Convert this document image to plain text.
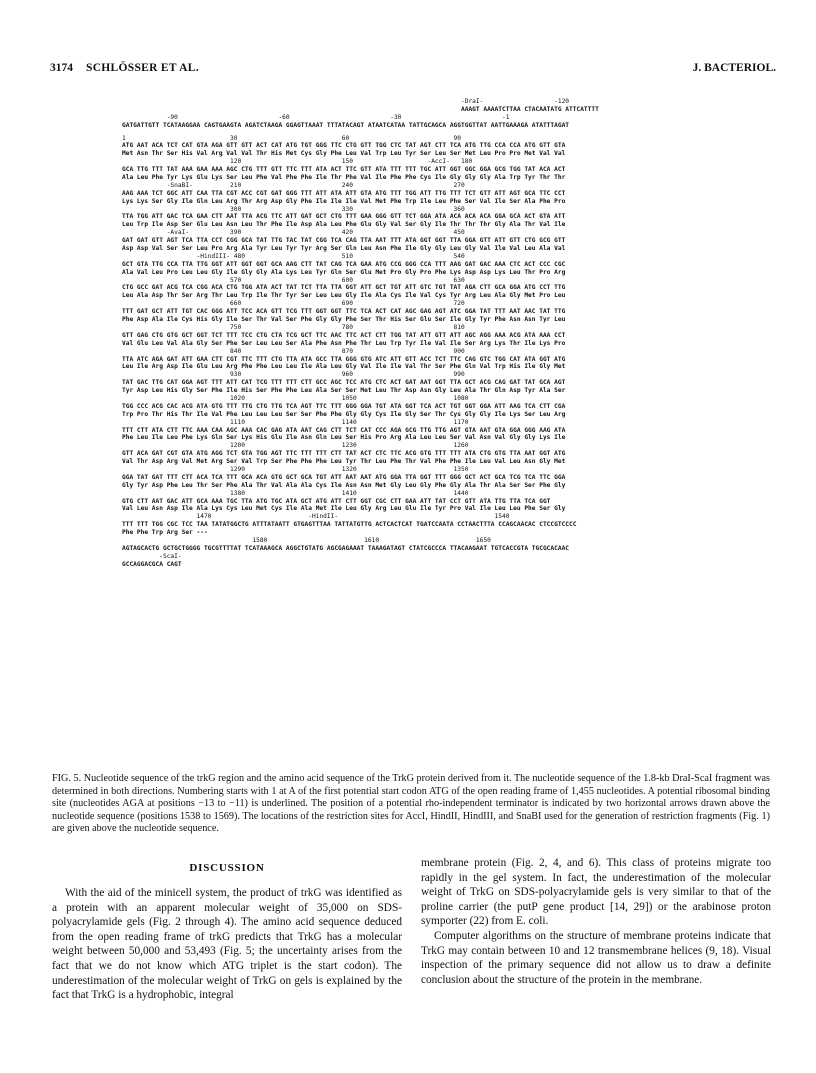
3174 SCHLÖSSER ET AL.	J. BACTERIOL.
-DraI-                   -120
AAAGT AAAATCTTAA CTACAATATG ATTCATTTT
-90                           -60                           -30                           -1
GATGATTGTT TCATAAGGAA CAGTGAAGTA AGATCTAAGA GGAGTTAAAT TTTATACAGT ATAATCATAA TATTGCAGCA AGGTGGTTAT AATTGAAAGA ATATTTAGAT
1                            30                            60                            90
ATG AAT ACA TCT CAT GTA AGA GTT GTT ACT CAT ATG TGT GGG TTC CTG GTT TGG CTC TAT AGT CTT TCA ATG TTG CCA CCA ATG GTT GTA
Met Asn Thr Ser His Val Arg Val Val Thr His Met Cys Gly Phe Leu Val Trp Leu Tyr Ser Leu Ser Met Leu Pro Pro Met Val Val
120                           150                    -AccI-   180
GCA TTG TTT TAT AAA GAA AAA AGC CTG TTT GTT TTC TTT ATA ACT TTC GTT ATA TTT TTT TGC ATT GGT GGC GGA GCG TGG TAT ACA ACT
Ala Leu Phe Tyr Lys Glu Lys Ser Leu Phe Val Phe Phe Ile Thr Phe Val Ile Phe Phe Cys Ile Gly Gly Gly Ala Trp Tyr Thr Thr
-SnaBI-          210                           240                           270
AAG AAA TCT GGC ATT CAA TTA CGT ACC CGT GAT GGG TTT ATT ATA ATT GTA ATG TTT TGG ATT TTG TTT TCT GTT ATT AGT GCA TTC CCT
Lys Lys Ser Gly Ile Gln Leu Arg Thr Arg Asp Gly Phe Ile Ile Ile Val Met Phe Trp Ile Leu Phe Ser Val Ile Ser Ala Phe Pro
300                           330                           360
TTA TGG ATT GAC TCA GAA CTT AAT TTA ACG TTC ATT GAT GCT CTG TTT GAA GGG GTT TCT GGA ATA ACA ACA ACA GGA GCA ACT GTA ATT
Leu Trp Ile Asp Ser Glu Leu Asn Leu Thr Phe Ile Asp Ala Leu Phe Glu Gly Val Ser Gly Ile Thr Thr Thr Gly Ala Thr Val Ile
-AvaI-           390                           420                           450
GAT GAT GTT AGT TCA TTA CCT CGG GCA TAT TTG TAC TAT CGG TCA CAG TTA AAT TTT ATA GGT GGT TTA GGA GTT ATT GTT CTG GCG GTT
Asp Asp Val Ser Ser Leu Pro Arg Ala Tyr Leu Tyr Tyr Arg Ser Gln Leu Asn Phe Ile Gly Gly Leu Gly Val Ile Val Leu Ala Val
-HindIII- 480                          510                           540
GCT GTA TTG CCA TTA TTG GGT ATT GGT GGT GCA AAG CTT TAT CAG TCA GAA ATG CCG GGG CCA TTT AAG GAT GAC AAA CTC ACT CCC CGC
Ala Val Leu Pro Leu Leu Gly Ile Gly Gly Ala Lys Leu Tyr Gln Ser Glu Met Pro Gly Pro Phe Lys Asp Asp Lys Leu Thr Pro Arg
570                           600                           630
CTG GCC GAT ACG TCA CGG ACA CTG TGG ATA ACT TAT TCT TTA TTA GGT ATT GCT TGT ATT GTC TGT TAT AGA CTT GCA GGA ATG CCT TTG
Leu Ala Asp Thr Ser Arg Thr Leu Trp Ile Thr Tyr Ser Leu Leu Gly Ile Ala Cys Ile Val Cys Tyr Arg Leu Ala Gly Met Pro Leu
660                           690                           720
TTT GAT GCT ATT TGT CAC GGG ATT TCC ACA GTT TCG TTT GGT GGT TTC TCA ACT CAT AGC GAG AGT ATC GGA TAT TTT AAT AAC TAT TTG
Phe Asp Ala Ile Cys His Gly Ile Ser Thr Val Ser Phe Gly Gly Phe Ser Thr His Ser Glu Ser Ile Gly Tyr Phe Asn Asn Tyr Leu
750                           780                           810
GTT GAG CTG GTG GCT GGT TCT TTT TCC CTG CTA TCG GCT TTC AAC TTC ACT CTT TGG TAT ATT GTT ATT AGC AGG AAA ACG ATA AAA CCT
Val Glu Leu Val Ala Gly Ser Phe Ser Leu Leu Ser Ala Phe Asn Phe Thr Leu Trp Tyr Ile Val Ile Ser Arg Lys Thr Ile Lys Pro
840                           870                           900
TTA ATC AGA GAT ATT GAA CTT CGT TTC TTT CTG TTA ATA GCC TTA GGG GTG ATC ATT GTT ACC TCT TTC CAG GTC TGG CAT ATA GGT ATG
Leu Ile Arg Asp Ile Glu Leu Arg Phe Phe Leu Leu Ile Ala Leu Gly Val Ile Ile Val Thr Ser Phe Gln Val Trp His Ile Gly Met
930                           960                           990
TAT GAC TTG CAT GGA AGT TTT ATT CAT TCG TTT TTT CTT GCC AGC TCC ATG CTC ACT GAT AAT GGT TTA GCT ACG CAG GAT TAT GCA AGT
Tyr Asp Leu His Gly Ser Phe Ile His Ser Phe Phe Leu Ala Ser Ser Met Leu Thr Asp Asn Gly Leu Ala Thr Gln Asp Tyr Ala Ser
1020                          1050                          1080
TGG CCC ACG CAC ACG ATA GTG TTT TTG CTG TTG TCA AGT TTC TTT GGG GGA TGT ATA GGT TCA ACT TGT GGT GGA ATT AAG TCA CTT CGA
Trp Pro Thr His Thr Ile Val Phe Leu Leu Leu Ser Ser Phe Phe Gly Gly Cys Ile Gly Ser Thr Cys Gly Gly Ile Lys Ser Leu Arg
1110                          1140                          1170
TTT CTT ATA CTT TTC AAA CAA AGC AAA CAC GAG ATA AAT CAG CTT TCT CAT CCC AGA GCG TTG TTG AGT GTA AAT GTA GGA GGG AAG ATA
Phe Leu Ile Leu Phe Lys Gln Ser Lys His Glu Ile Asn Gln Leu Ser His Pro Arg Ala Leu Leu Ser Val Asn Val Gly Gly Lys Ile
1200                          1230                          1260
GTT ACA GAT CGT GTA ATG AGG TCT GTA TGG AGT TTC TTT TTT CTT TAT ACT CTC TTC ACG GTG TTT TTT ATA CTG GTG TTA AAT GGT ATG
Val Thr Asp Arg Val Met Arg Ser Val Trp Ser Phe Phe Phe Leu Tyr Thr Leu Phe Thr Val Phe Phe Ile Leu Val Leu Asn Gly Met
1290                          1320                          1350
GGA TAT GAT TTT CTT ACA TCA TTT GCA ACA GTG GCT GCA TGT ATT AAT AAT ATG GGA TTA GGT TTT GGG GCT ACT GCA TCG TCA TTC GGA
Gly Tyr Asp Phe Leu Thr Ser Phe Ala Thr Val Ala Ala Cys Ile Asn Asn Met Gly Leu Gly Phe Gly Ala Thr Ala Ser Ser Phe Gly
1380                          1410                          1440
GTG CTT AAT GAC ATT GCA AAA TGC TTA ATG TGC ATA GCT ATG ATT CTT GGT CGC CTT GAA ATT TAT CCT GTT ATA TTG TTA TCA GGT
Val Leu Asn Asp Ile Ala Lys Cys Leu Met Cys Ile Ala Met Ile Leu Gly Arg Leu Glu Ile Tyr Pro Val Ile Leu Leu Phe Ser Gly
1470                          -HindII-                                          1540
TTT TTT TGG CGC TCC TAA TATATGGCTG ATTTATAATT GTGAGTTTAA TATTATGTTG ACTCACTCAT TGATCCAATA CCTAACTTTA CCAGCAACAC CTCCGTCCCC
Phe Phe Trp Arg Ser ---
1580                          1610                          1650
AGTAGCACTG GCTGCTGGGG TGCGTTTTAT TCATAAAGCA AGGCTGTATG AGCGAGAAAT TAAAGATAGT CTATCGCCCA TTACAAGAAT TGTCACCGTA TGCGCACAAC
-ScaI-
GCCAGGACGCA CAGT
FIG. 5. Nucleotide sequence of the trkG region and the amino acid sequence of the TrkG protein derived from it. The nucleotide sequence of the 1.8-kb DraI-ScaI fragment was determined in both directions. Numbering starts with 1 at A of the first potential start codon ATG of the open reading frame of 1,455 nucleotides. A potential ribosomal binding site (nucleotides AGA at positions −13 to −11) is underlined. The position of a potential rho-independent terminator is indicated by two horizontal arrows drawn above the nucleotide sequence (positions 1538 to 1569). The locations of the restriction sites for AccI, HindII, HindIII, and SnaBI used for the generation of restriction fragments (Fig. 1) are given above the nucleotide sequence.
DISCUSSION

With the aid of the minicell system, the product of trkG was identified as a protein with an apparent molecular weight of 35,000 on SDS-polyacrylamide gels (Fig. 2 through 4). The amino acid sequence deduced from the open reading frame of trkG predicts that TrkG has a molecular weight between 50,000 and 53,493 (Fig. 5; the uncertainty arises from the fact that we do not know which ATG triplet is the start codon). The underestimation of the molecular weight of TrkG on gels is explained by the fact that TrkG is a hydrophobic, integral

membrane protein (Fig. 2, 4, and 6). This class of proteins migrate too rapidly in the gel system. In fact, the underestimation of the molecular weight of TrkG on SDS-polyacrylamide gels is very similar to that of the proline carrier (the putP gene product [14, 29]) or the arabinose proton symporter (22) from E. coli.

Computer algorithms on the structure of membrane proteins indicate that TrkG may contain between 10 and 12 transmembrane helices (9, 18). Visual inspection of the primary sequence did not allow us to draw a definite conclusion about the structure of the protein in the membrane.
